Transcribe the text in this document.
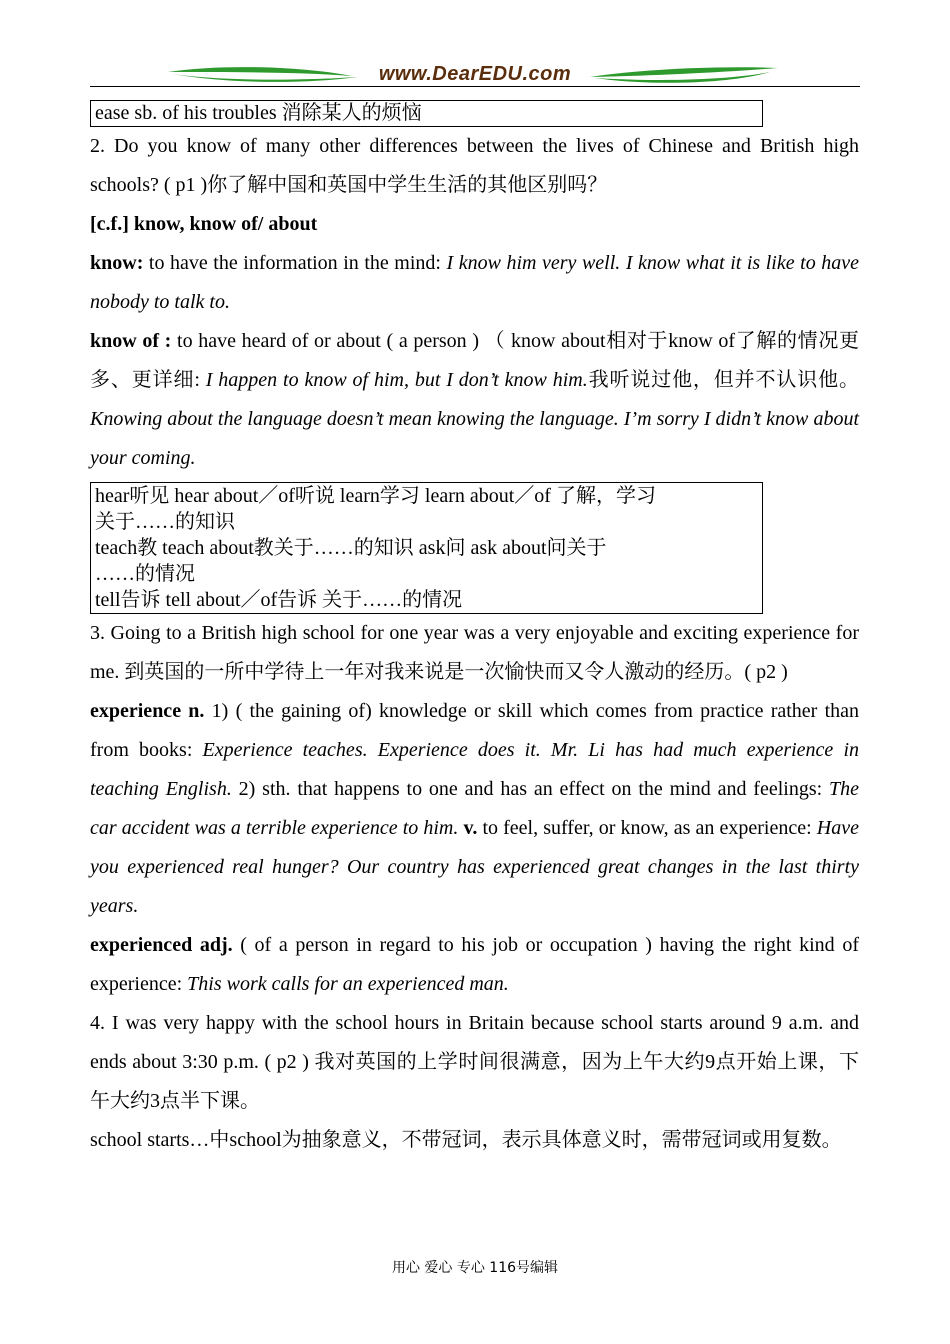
www.DearEDU.com
ease sb. of his troubles 消除某人的烦恼

2. Do you know of many other differences between the lives of Chinese and British high schools? ( p1 )你了解中国和英国中学生生活的其他区别吗？

[c.f.] know, know of/ about

know: to have the information in the mind: I know him very well. I know what it is like to have nobody to talk to.

know of : to have heard of or about ( a person ) （ know about相对于know of了解的情况更多、更详细: I happen to know of him, but I don’t know him.我听说过他，但并不认识他。Knowing about the language doesn’t mean knowing the language. I’m sorry I didn’t know about your coming.

hear听见 hear about／of听说 learn学习 learn about／of 了解，学习
关于……的知识
teach教 teach about教关于……的知识 ask问 ask about问关于
……的情况
tell告诉 tell about／of告诉 关于……的情况

3. Going to a British high school for one year was a very enjoyable and exciting experience for me. 到英国的一所中学待上一年对我来说是一次愉快而又令人激动的经历。( p2 )

experience n. 1) ( the gaining of) knowledge or skill which comes from practice rather than from books: Experience teaches. Experience does it. Mr. Li has had much experience in teaching English. 2) sth. that happens to one and has an effect on the mind and feelings: The car accident was a terrible experience to him. v. to feel, suffer, or know, as an experience: Have you experienced real hunger? Our country has experienced great changes in the last thirty years.

experienced adj. ( of a person in regard to his job or occupation ) having the right kind of experience: This work calls for an experienced man.

4. I was very happy with the school hours in Britain because school starts around 9 a.m. and ends about 3:30 p.m. ( p2 ) 我对英国的上学时间很满意，因为上午大约9点开始上课，下午大约3点半下课。

school starts…中school为抽象意义，不带冠词，表示具体意义时，需带冠词或用复数。

用心 爱心 专心 116号编辑
